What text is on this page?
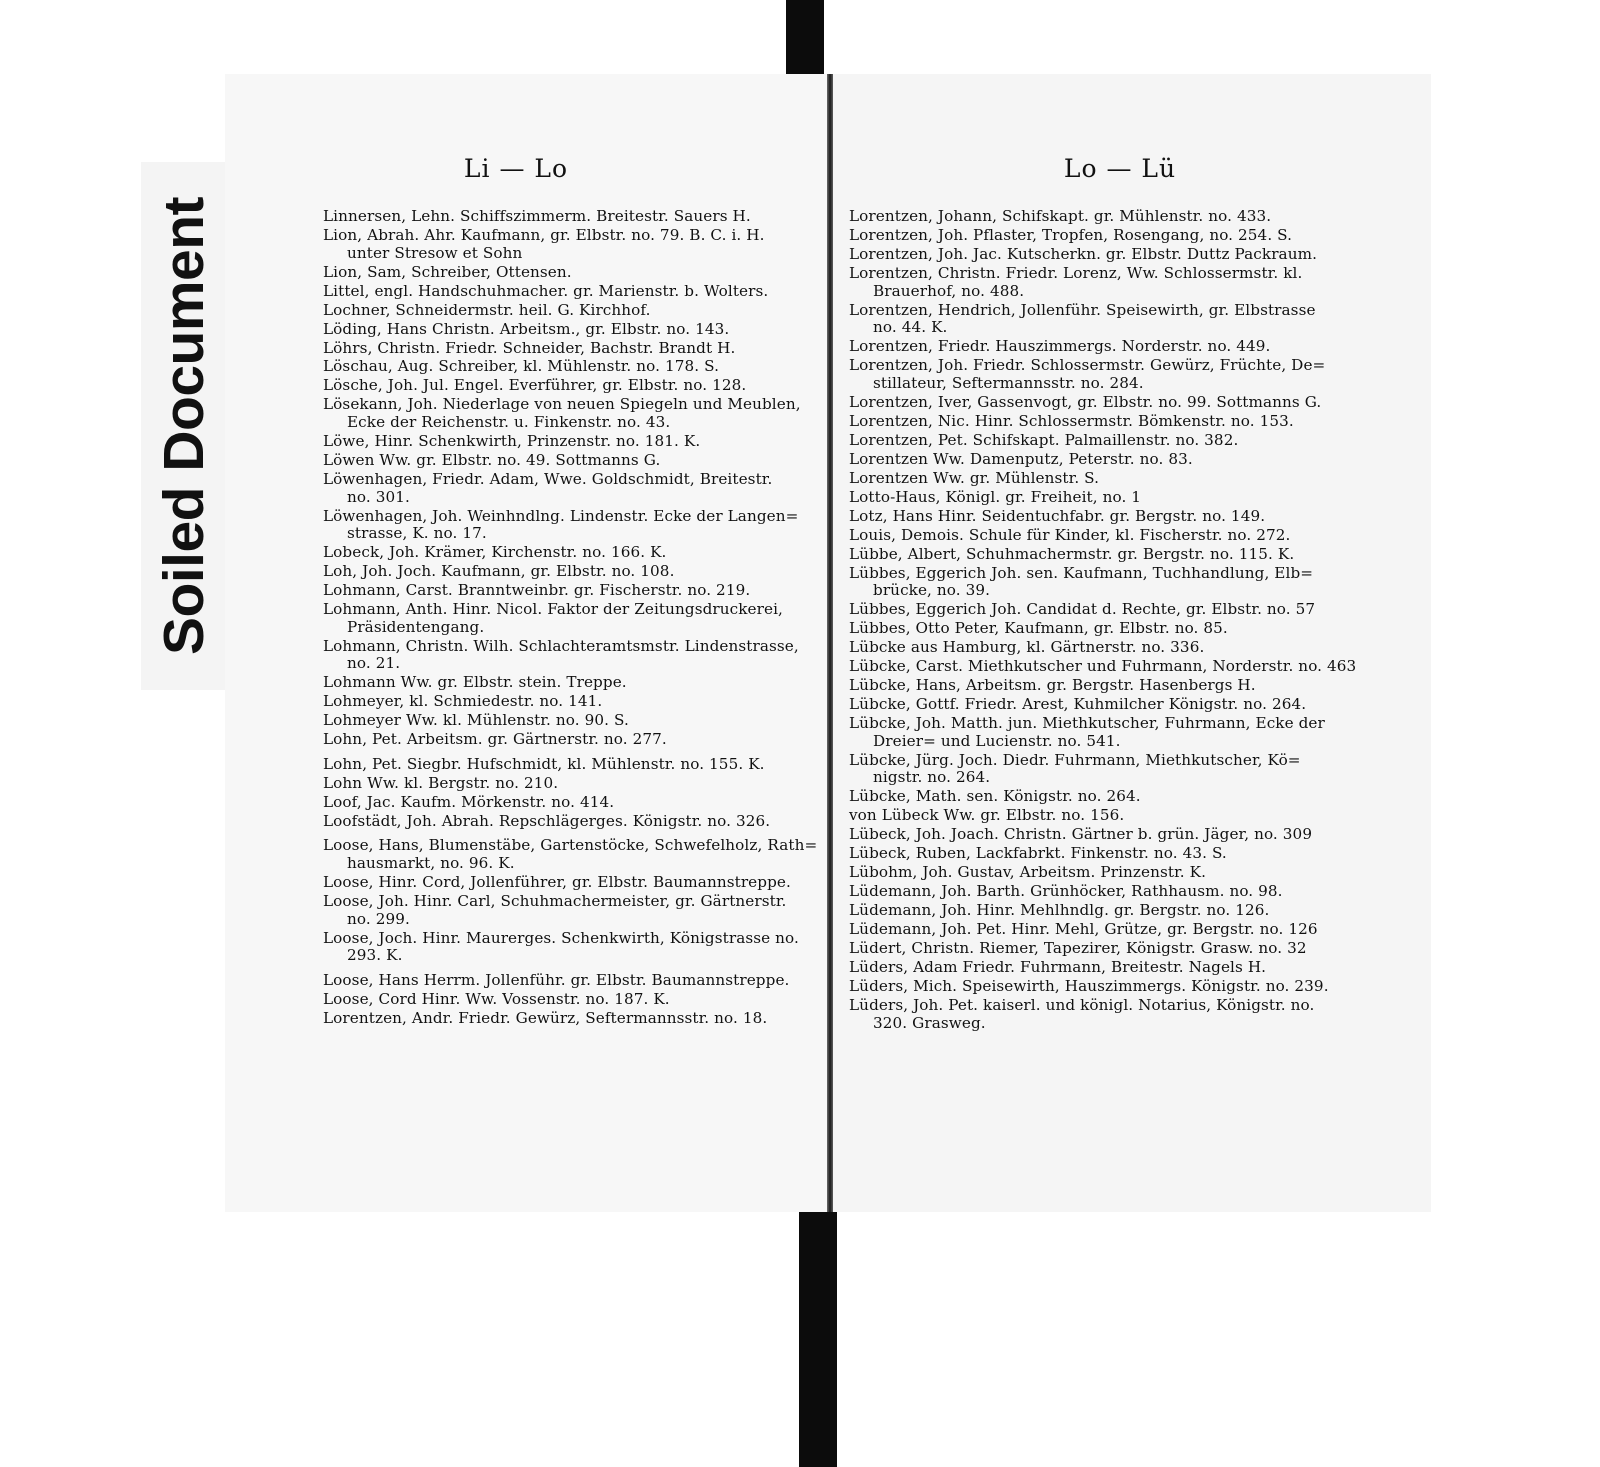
Soiled Document
Li — Lo
Linnersen, Lehn. Schiffszimmerm. Breitestr. Sauers H.
Lion, Abrah. Ahr. Kaufmann, gr. Elbstr. no. 79. B. C. i. H.
unter Stresow et Sohn
Lion, Sam, Schreiber, Ottensen.
Littel, engl. Handschuhmacher. gr. Marienstr. b. Wolters.
Lochner, Schneidermstr. heil. G. Kirchhof.
Löding, Hans Christn. Arbeitsm., gr. Elbstr. no. 143.
Löhrs, Christn. Friedr. Schneider, Bachstr. Brandt H.
Löschau, Aug. Schreiber, kl. Mühlenstr. no. 178. S.
Lösche, Joh. Jul. Engel. Everführer, gr. Elbstr. no. 128.
Lösekann, Joh. Niederlage von neuen Spiegeln und Meublen,
Ecke der Reichenstr. u. Finkenstr. no. 43.
Löwe, Hinr. Schenkwirth, Prinzenstr. no. 181. K.
Löwen Ww. gr. Elbstr. no. 49. Sottmanns G.
Löwenhagen, Friedr. Adam, Wwe. Goldschmidt, Breitestr.
no. 301.
Löwenhagen, Joh. Weinhndlng. Lindenstr. Ecke der Langen=
strasse, K. no. 17.
Lobeck, Joh. Krämer, Kirchenstr. no. 166. K.
Loh, Joh. Joch. Kaufmann, gr. Elbstr. no. 108.
Lohmann, Carst. Branntweinbr. gr. Fischerstr. no. 219.
Lohmann, Anth. Hinr. Nicol. Faktor der Zeitungsdruckerei,
Präsidentengang.
Lohmann, Christn. Wilh. Schlachteramtsmstr. Lindenstrasse,
no. 21.
Lohmann Ww. gr. Elbstr. stein. Treppe.
Lohmeyer, kl. Schmiedestr. no. 141.
Lohmeyer Ww. kl. Mühlenstr. no. 90. S.
Lohn, Pet. Arbeitsm. gr. Gärtnerstr. no. 277.
Lohn, Pet. Siegbr. Hufschmidt, kl. Mühlenstr. no. 155. K.
Lohn Ww. kl. Bergstr. no. 210.
Loof, Jac. Kaufm. Mörkenstr. no. 414.
Loofstädt, Joh. Abrah. Repschlägerges. Königstr. no. 326.
Loose, Hans, Blumenstäbe, Gartenstöcke, Schwefelholz, Rath=
hausmarkt, no. 96. K.
Loose, Hinr. Cord, Jollenführer, gr. Elbstr. Baumannstreppe.
Loose, Joh. Hinr. Carl, Schuhmachermeister, gr. Gärtnerstr.
no. 299.
Loose, Joch. Hinr. Maurerges. Schenkwirth, Königstrasse no.
293. K.
Loose, Hans Herrm. Jollenführ. gr. Elbstr. Baumannstreppe.
Loose, Cord Hinr. Ww. Vossenstr. no. 187. K.
Lorentzen, Andr. Friedr. Gewürz, Seftermannsstr. no. 18.
Lo — Lü
Lorentzen, Johann, Schifskapt. gr. Mühlenstr. no. 433.
Lorentzen, Joh. Pflaster, Tropfen, Rosengang, no. 254. S.
Lorentzen, Joh. Jac. Kutscherkn. gr. Elbstr. Duttz Packraum.
Lorentzen, Christn. Friedr. Lorenz, Ww. Schlossermstr. kl.
Brauerhof, no. 488.
Lorentzen, Hendrich, Jollenführ. Speisewirth, gr. Elbstrasse
no. 44. K.
Lorentzen, Friedr. Hauszimmergs. Norderstr. no. 449.
Lorentzen, Joh. Friedr. Schlossermstr. Gewürz, Früchte, De=
stillateur, Seftermannsstr. no. 284.
Lorentzen, Iver, Gassenvogt, gr. Elbstr. no. 99. Sottmanns G.
Lorentzen, Nic. Hinr. Schlossermstr. Bömkenstr. no. 153.
Lorentzen, Pet. Schifskapt. Palmaillenstr. no. 382.
Lorentzen Ww. Damenputz, Peterstr. no. 83.
Lorentzen Ww. gr. Mühlenstr. S.
Lotto-Haus, Königl. gr. Freiheit, no. 1
Lotz, Hans Hinr. Seidentuchfabr. gr. Bergstr. no. 149.
Louis, Demois. Schule für Kinder, kl. Fischerstr. no. 272.
Lübbe, Albert, Schuhmachermstr. gr. Bergstr. no. 115. K.
Lübbes, Eggerich Joh. sen. Kaufmann, Tuchhandlung, Elb=
brücke, no. 39.
Lübbes, Eggerich Joh. Candidat d. Rechte, gr. Elbstr. no. 57
Lübbes, Otto Peter, Kaufmann, gr. Elbstr. no. 85.
Lübcke aus Hamburg, kl. Gärtnerstr. no. 336.
Lübcke, Carst. Miethkutscher und Fuhrmann, Norderstr. no. 463
Lübcke, Hans, Arbeitsm. gr. Bergstr. Hasenbergs H.
Lübcke, Gottf. Friedr. Arest, Kuhmilcher Königstr. no. 264.
Lübcke, Joh. Matth. jun. Miethkutscher, Fuhrmann, Ecke der
Dreier= und Lucienstr. no. 541.
Lübcke, Jürg. Joch. Diedr. Fuhrmann, Miethkutscher, Kö=
nigstr. no. 264.
Lübcke, Math. sen. Königstr. no. 264.
von Lübeck Ww. gr. Elbstr. no. 156.
Lübeck, Joh. Joach. Christn. Gärtner b. grün. Jäger, no. 309
Lübeck, Ruben, Lackfabrkt. Finkenstr. no. 43. S.
Lübohm, Joh. Gustav, Arbeitsm. Prinzenstr. K.
Lüdemann, Joh. Barth. Grünhöcker, Rathhausm. no. 98.
Lüdemann, Joh. Hinr. Mehlhndlg. gr. Bergstr. no. 126.
Lüdemann, Joh. Pet. Hinr. Mehl, Grütze, gr. Bergstr. no. 126
Lüdert, Christn. Riemer, Tapezirer, Königstr. Grasw. no. 32
Lüders, Adam Friedr. Fuhrmann, Breitestr. Nagels H.
Lüders, Mich. Speisewirth, Hauszimmergs. Königstr. no. 239.
Lüders, Joh. Pet. kaiserl. und königl. Notarius, Königstr. no.
320. Grasweg.
